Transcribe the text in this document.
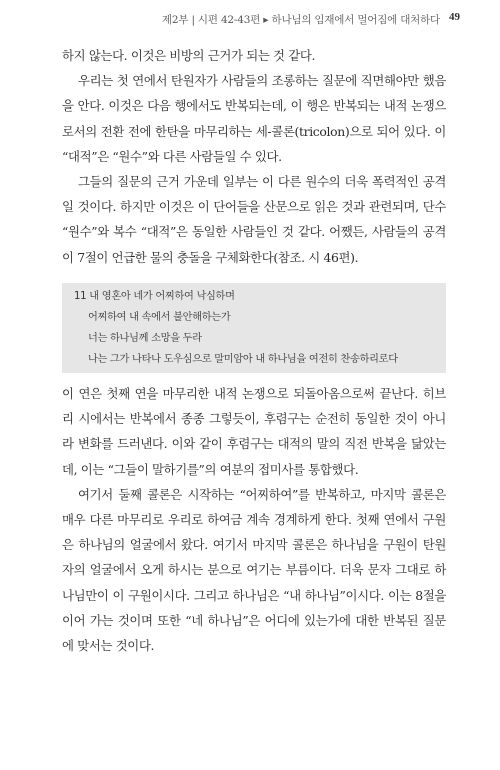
제2부 | 시편 42-43편 ▸ 하나님의 임재에서 멀어짐에 대처하다 49

하지 않는다. 이것은 비방의 근거가 되는 것 같다.

우리는 첫 연에서 탄원자가 사람들의 조롱하는 질문에 직면해야만 했음을 안다. 이것은 다음 행에서도 반복되는데, 이 행은 반복되는 내적 논쟁으로서의 전환 전에 한탄을 마무리하는 세-콜론(tricolon)으로 되어 있다. 이 “대적”은 “원수”와 다른 사람들일 수 있다.

그들의 질문의 근거 가운데 일부는 이 다른 원수의 더욱 폭력적인 공격일 것이다. 하지만 이것은 이 단어들을 산문으로 읽은 것과 관련되며, 단수 “원수”와 복수 “대적”은 동일한 사람들인 것 같다. 어쨌든, 사람들의 공격이 7절이 언급한 물의 충돌을 구체화한다(참조. 시 46편).

11 내 영혼아 네가 어찌하여 낙심하며
어찌하여 내 속에서 불안해하는가
너는 하나님께 소망을 두라
나는 그가 나타나 도우심으로 말미암아 내 하나님을 여전히 찬송하리로다

이 연은 첫째 연을 마무리한 내적 논쟁으로 되돌아옴으로써 끝난다. 히브리 시에서는 반복에서 종종 그렇듯이, 후렴구는 순전히 동일한 것이 아니라 변화를 드러낸다. 이와 같이 후렴구는 대적의 말의 직전 반복을 닮았는데, 이는 “그들이 말하기를”의 여분의 접미사를 통합했다.

여기서 둘째 콜론은 시작하는 “어찌하여”를 반복하고, 마지막 콜론은 매우 다른 마무리로 우리로 하여금 계속 경계하게 한다. 첫째 연에서 구원은 하나님의 얼굴에서 왔다. 여기서 마지막 콜론은 하나님을 구원이 탄원자의 얼굴에서 오게 하시는 분으로 여기는 부름이다. 더욱 문자 그대로 하나님만이 이 구원이시다. 그리고 하나님은 “내 하나님”이시다. 이는 8절을 이어 가는 것이며 또한 “네 하나님”은 어디에 있는가에 대한 반복된 질문에 맞서는 것이다.
